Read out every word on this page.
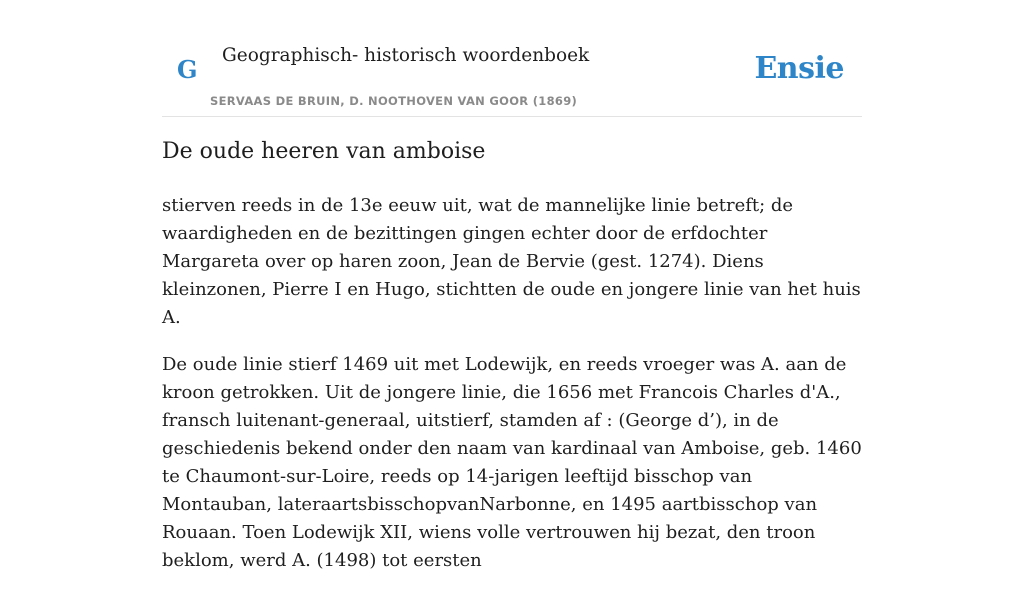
G Geographisch- historisch woordenboek
SERVAAS DE BRUIN, D. NOOTHOVEN VAN GOOR (1869)
Ensie
De oude heeren van amboise

stierven reeds in de 13e eeuw uit, wat de mannelijke linie betreft; de waardigheden en de bezittingen gingen echter door de erfdochter Margareta over op haren zoon, Jean de Bervie (gest. 1274). Diens kleinzonen, Pierre I en Hugo, stichtten de oude en jongere linie van het huis A.

De oude linie stierf 1469 uit met Lodewijk, en reeds vroeger was A. aan de kroon getrokken. Uit de jongere linie, die 1656 met Francois Charles d'A., fransch luitenant-generaal, uitstierf, stamden af : (George d’), in de geschiedenis bekend onder den naam van kardinaal van Amboise, geb. 1460 te Chaumont-sur-Loire, reeds op 14-jarigen leeftijd bisschop van Montauban, lateraartsbisschopvanNarbonne, en 1495 aartbisschop van Rouaan. Toen Lodewijk XII, wiens volle vertrouwen hij bezat, den troon beklom, werd A. (1498) tot eersten
